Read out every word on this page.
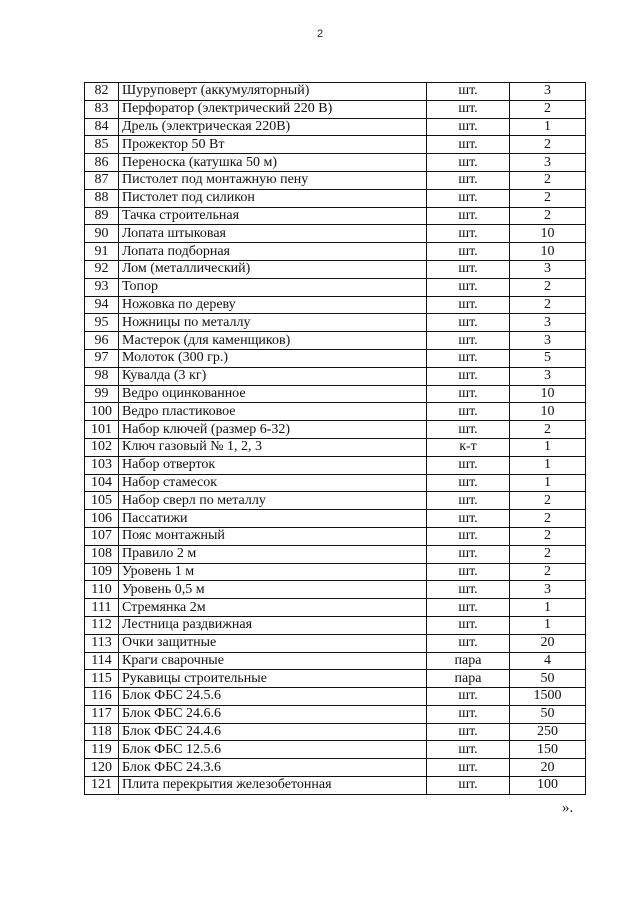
2
82	Шуруповерт (аккумуляторный)	шт.	3
83	Перфоратор (электрический 220 В)	шт.	2
84	Дрель (электрическая 220В)	шт.	1
85	Прожектор 50 Вт	шт.	2
86	Переноска (катушка 50 м)	шт.	3
87	Пистолет под монтажную пену	шт.	2
88	Пистолет под силикон	шт.	2
89	Тачка строительная	шт.	2
90	Лопата штыковая	шт.	10
91	Лопата подборная	шт.	10
92	Лом (металлический)	шт.	3
93	Топор	шт.	2
94	Ножовка по дереву	шт.	2
95	Ножницы по металлу	шт.	3
96	Мастерок (для каменщиков)	шт.	3
97	Молоток (300 гр.)	шт.	5
98	Кувалда (3 кг)	шт.	3
99	Ведро оцинкованное	шт.	10
100	Ведро пластиковое	шт.	10
101	Набор ключей (размер 6-32)	шт.	2
102	Ключ газовый № 1, 2, 3	к-т	1
103	Набор отверток	шт.	1
104	Набор стамесок	шт.	1
105	Набор сверл по металлу	шт.	2
106	Пассатижи	шт.	2
107	Пояс монтажный	шт.	2
108	Правило 2 м	шт.	2
109	Уровень 1 м	шт.	2
110	Уровень 0,5 м	шт.	3
111	Стремянка 2м	шт.	1
112	Лестница раздвижная	шт.	1
113	Очки защитные	шт.	20
114	Краги сварочные	пара	4
115	Рукавицы строительные	пара	50
116	Блок ФБС 24.5.6	шт.	1500
117	Блок ФБС 24.6.6	шт.	50
118	Блок ФБС 24.4.6	шт.	250
119	Блок ФБС 12.5.6	шт.	150
120	Блок ФБС 24.3.6	шт.	20
121	Плита перекрытия железобетонная	шт.	100
».
